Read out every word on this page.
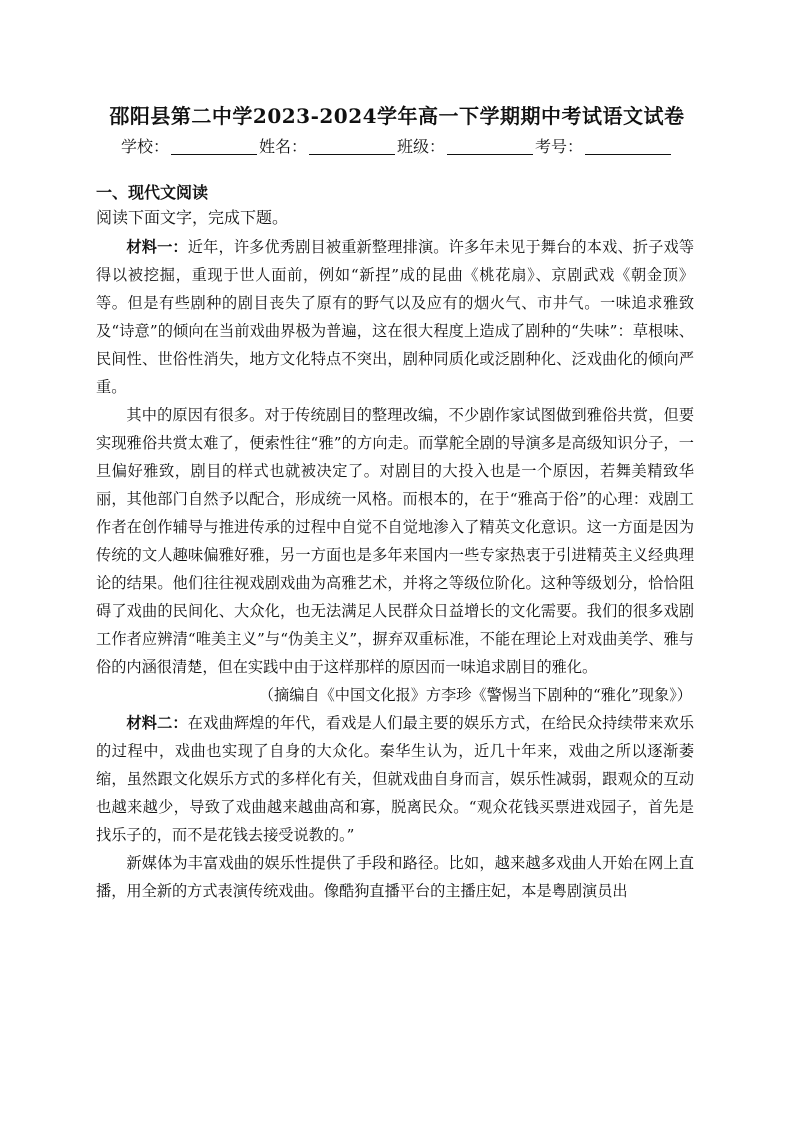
邵阳县第二中学2023-2024学年高一下学期期中考试语文试卷
学校：	姓名：	班级：	考号：
一、现代文阅读
阅读下面文字，完成下题。

材料一：近年，许多优秀剧目被重新整理排演。许多年未见于舞台的本戏、折子戏等得以被挖掘，重现于世人面前，例如“新捏”成的昆曲《桃花扇》、京剧武戏《朝金顶》等。但是有些剧种的剧目丧失了原有的野气以及应有的烟火气、市井气。一味追求雅致及“诗意”的倾向在当前戏曲界极为普遍，这在很大程度上造成了剧种的“失味”：草根味、民间性、世俗性消失，地方文化特点不突出，剧种同质化或泛剧种化、泛戏曲化的倾向严重。

其中的原因有很多。对于传统剧目的整理改编，不少剧作家试图做到雅俗共赏，但要实现雅俗共赏太难了，便索性往“雅”的方向走。而掌舵全剧的导演多是高级知识分子，一旦偏好雅致，剧目的样式也就被决定了。对剧目的大投入也是一个原因，若舞美精致华丽，其他部门自然予以配合，形成统一风格。而根本的，在于“雅高于俗”的心理：戏剧工作者在创作辅导与推进传承的过程中自觉不自觉地渗入了精英文化意识。这一方面是因为传统的文人趣味偏雅好雅，另一方面也是多年来国内一些专家热衷于引进精英主义经典理论的结果。他们往往视戏剧戏曲为高雅艺术，并将之等级位阶化。这种等级划分，恰恰阻碍了戏曲的民间化、大众化，也无法满足人民群众日益增长的文化需要。我们的很多戏剧工作者应辨清“唯美主义”与“伪美主义”，摒弃双重标准，不能在理论上对戏曲美学、雅与俗的内涵很清楚，但在实践中由于这样那样的原因而一味追求剧目的雅化。

（摘编自《中国文化报》方李珍《警惕当下剧种的“雅化”现象》）

材料二：在戏曲辉煌的年代，看戏是人们最主要的娱乐方式，在给民众持续带来欢乐的过程中，戏曲也实现了自身的大众化。秦华生认为，近几十年来，戏曲之所以逐渐萎缩，虽然跟文化娱乐方式的多样化有关，但就戏曲自身而言，娱乐性减弱，跟观众的互动也越来越少，导致了戏曲越来越曲高和寡，脱离民众。“观众花钱买票进戏园子，首先是找乐子的，而不是花钱去接受说教的。”

新媒体为丰富戏曲的娱乐性提供了手段和路径。比如，越来越多戏曲人开始在网上直播，用全新的方式表演传统戏曲。像酷狗直播平台的主播庄妃，本是粤剧演员出
